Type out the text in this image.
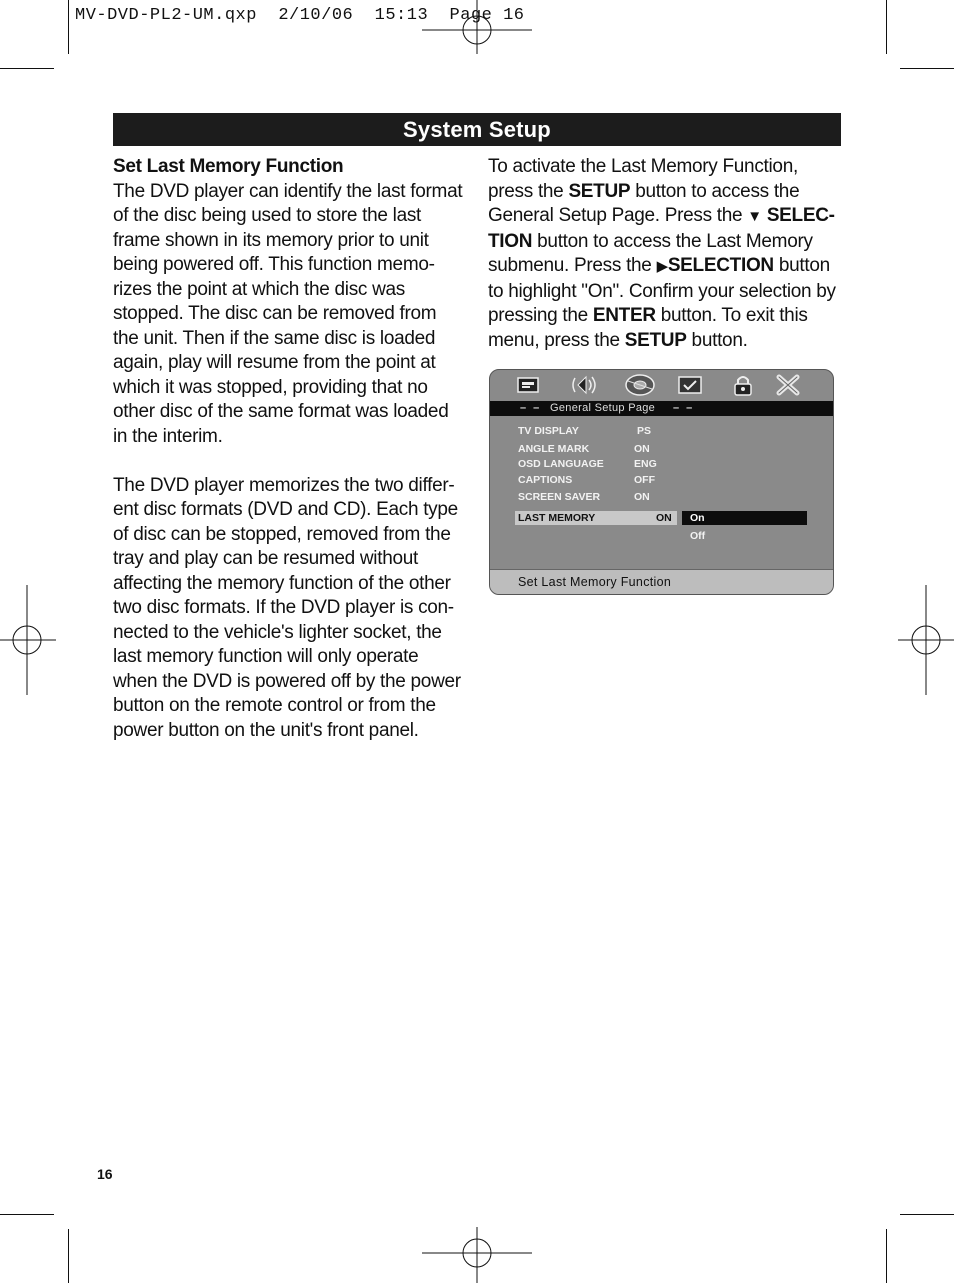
MV-DVD-PL2-UM.qxp  2/10/06  15:13  Page 16
System Setup

Set Last Memory Function

The DVD player can identify the last format of the disc being used to store the last frame shown in its memory prior to unit being powered off. This function memo-rizes the point at which the disc was stopped. The disc can be removed from the unit. Then if the same disc is loaded again, play will resume from the point at which it was stopped, providing that no other disc of the same format was loaded in the interim.

The DVD player memorizes the two differ-ent disc formats (DVD and CD). Each type of disc can be stopped, removed from the tray and play can be resumed without affecting the memory function of the other two disc formats. If the DVD player is con-nected to the vehicle's lighter socket, the last memory function will only operate when the DVD is powered off by the power button on the remote control or from the power button on the unit's front panel.

To activate the Last Memory Function, press the SETUP button to access the General Setup Page. Press the ▼ SELEC-TION button to access the Last Memory submenu. Press the ▶SELECTION button to highlight "On". Confirm your selection by pressing the ENTER button. To exit this menu, press the SETUP button.

– – General Setup Page – –
TV DISPLAY	PS
ANGLE MARK	ON
OSD LANGUAGE	ENG
CAPTIONS	OFF
SCREEN SAVER	ON
LAST MEMORY	ON	On
Off
Set Last Memory Function
16
